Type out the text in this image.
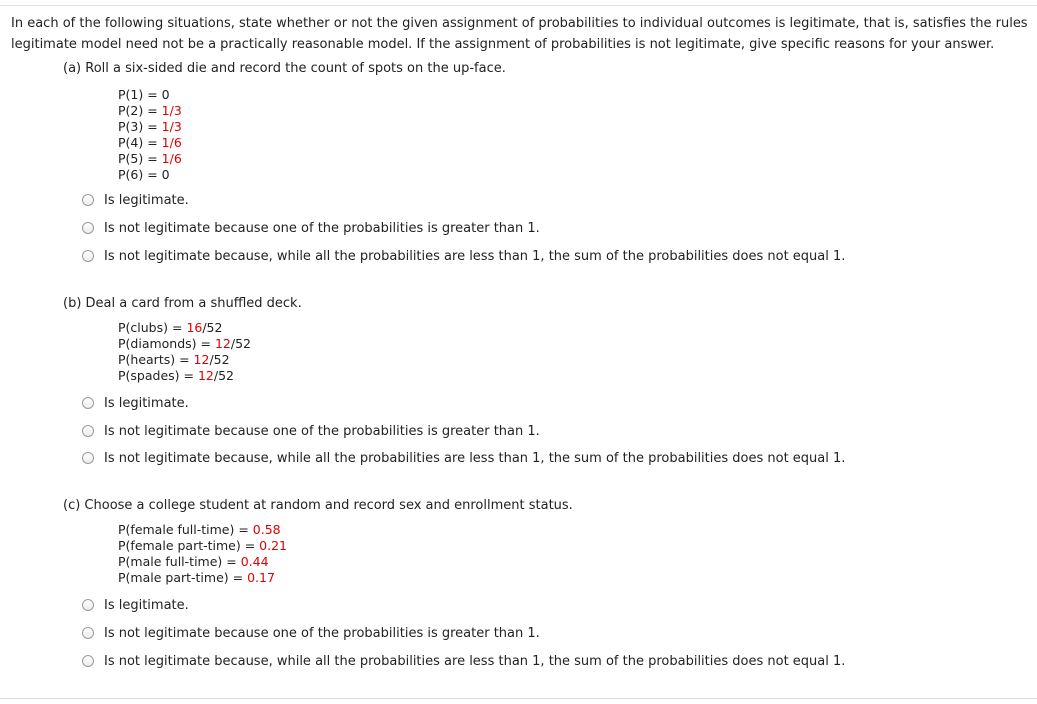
In each of the following situations, state whether or not the given assignment of probabilities to individual outcomes is legitimate, that is, satisfies the rules
legitimate model need not be a practically reasonable model. If the assignment of probabilities is not legitimate, give specific reasons for your answer.
(a) Roll a six-sided die and record the count of spots on the up-face.
P(1) = 0
P(2) = 1/3
P(3) = 1/3
P(4) = 1/6
P(5) = 1/6
P(6) = 0
Is legitimate.
Is not legitimate because one of the probabilities is greater than 1.
Is not legitimate because, while all the probabilities are less than 1, the sum of the probabilities does not equal 1.
(b) Deal a card from a shuffled deck.
P(clubs) = 16/52
P(diamonds) = 12/52
P(hearts) = 12/52
P(spades) = 12/52
Is legitimate.
Is not legitimate because one of the probabilities is greater than 1.
Is not legitimate because, while all the probabilities are less than 1, the sum of the probabilities does not equal 1.
(c) Choose a college student at random and record sex and enrollment status.
P(female full-time) = 0.58
P(female part-time) = 0.21
P(male full-time) = 0.44
P(male part-time) = 0.17
Is legitimate.
Is not legitimate because one of the probabilities is greater than 1.
Is not legitimate because, while all the probabilities are less than 1, the sum of the probabilities does not equal 1.
